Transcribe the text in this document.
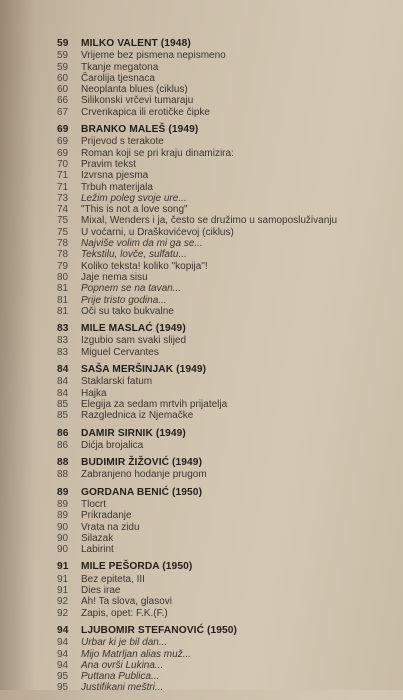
59	MILKO VALENT (1948)
59	Vrijeme bez pismena nepismeno
59	Tkanje megatona
60	Čarolija tjesnaca
60	Neoplanta blues (ciklus)
66	Silikonski vrčevi tumaraju
67	Crvenkapica ili erotičke čipke
69	BRANKO MALEŠ (1949)
69	Prijevod s terakote
69	Roman koji se pri kraju dinamizira:
70	Pravim tekst
71	Izvrsna pjesma
71	Trbuh materijala
73	Ležim poleg svoje ure...
74	"This is not a love song"
75	Mixal, Wenders i ja, često se družimo u samoposluživanju
75	U voćarni, u Draškovićevoj (ciklus)
78	Najviše volim da mi ga se...
78	Tekstilu, lovče, sulfatu...
79	Koliko teksta! koliko "kopija"!
80	Jaje nema sisu
81	Popnem se na tavan...
81	Prije tristo godina...
81	Oči su tako bukvalne
83	MILE MASLAĆ (1949)
83	Izgubio sam svaki slijed
83	Miguel Cervantes
84	SAŠA MERŠINJAK (1949)
84	Staklarski fatum
84	Hajka
85	Elegija za sedam mrtvih prijatelja
85	Razglednica iz Njemačke
86	DAMIR SIRNIK (1949)
86	Dićja brojalica
88	BUDIMIR ŽIŽOVIĆ (1949)
88	Zabranjeno hodanje prugom
89	GORDANA BENIĆ (1950)
89	Tlocrt
89	Prikradanje
90	Vrata na zidu
90	Silazak
90	Labirint
91	MILE PEŠORDA (1950)
91	Bez epiteta, III
91	Dies irae
92	Ah! Ta slova, glasovi
92	Zapis, opet: F.K.(F.)
94	LJUBOMIR STEFANOVIĆ (1950)
94	Urbar ki je bil dan...
94	Mijo Matrljan alias muž...
94	Ana ovrši Lukina...
95	Puttana Publica...
95	Justifikani meštri...
